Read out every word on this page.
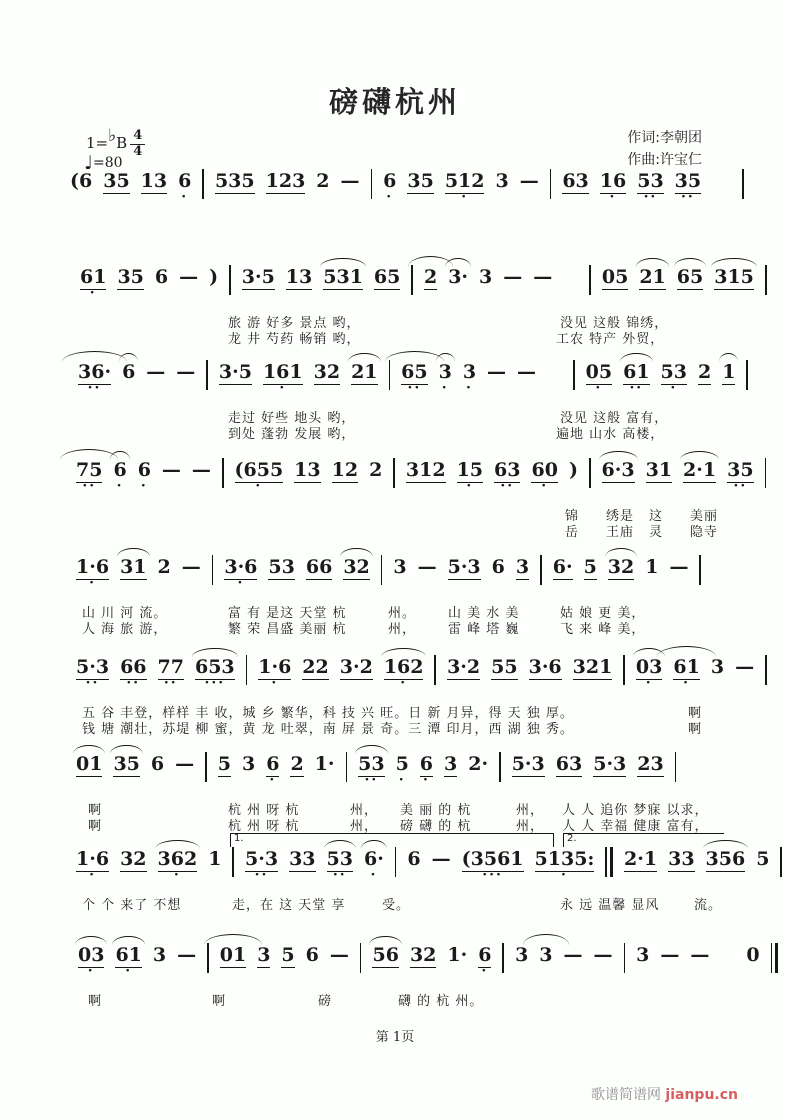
磅礴杭州
1=♭B $\frac{4}{4}$
♩=80
作词:李朝团
作曲:许宝仁
(6 35 13 6
·
535 123 2 — 6
·
35 512
·
3 — 63 16
·
53
··
35
··
61
·
35 6 — ) 3·5 13 531 65 2 3· 3 — —	05 21 65 315
旅 游 好多 景点 哟，	没见 这般 锦绣，
龙 井 芍药 畅销 哟，	工农 特产 外贸，
36·
··
6 — — 3·5 161
·
32 21 65
··
3
·
3
·
— —	05
·
61
··
53
·
2 1
走过 好些 地头 哟，	没见 这般 富有，
到处 蓬勃 发展 哟，	遍地 山水 高楼，
75
··
6
·
6
·
— — (655
·
13 12 2 312 15
·
63
··
60
·
) 6·3 31 2·1 35
··
锦 绣是 这 美丽
岳 王庙 灵 隐寺
1·6
·
31 2 — 3·6
·
53 66 32 3 — 5·3 6 3 6· 5 32 1 —
山 川 河 流。	富 有 是这 天堂 杭	州。 山 美 水 美	姑 娘 更 美，
人 海 旅 游，	繁 荣 昌盛 美丽 杭	州， 雷 峰 塔 巍	飞 来 峰 美，
5·3
··
66
··
77
··
653
···
1·6
·
22 3·2 162
·
3·2 55 3·6 321 03
·
61
·
3 —
五 谷 丰登，样样 丰 收，城 乡 繁华，科 技 兴 旺。日 新 月异，得 天 独 厚。	啊
钱 塘 潮壮，苏堤 柳 蜜，黄 龙 吐翠，南 屏 景 奇。三 潭 印月，西 湖 独 秀。	啊
01 35 6 — 5 3 6
·
2 1· 53
··
5
·
6
·
3 2· 5·3 63 5·3 23
啊	杭 州 呀 杭	州， 美 丽 的 杭	州， 人 人 追你 梦寐 以求，
啊	杭 州 呀 杭	州， 磅 礴 的 杭	州， 人 人 幸福 健康 富有，
1.	2.
1·6
·
32 362
·
1 5·3
··
33 53
··
6·
·
6 — (3561
···
5135:
·
2·1 33 356 5
个 个 来了 不想	走，在 这 天堂 享	受。	永 远 温馨 显风	流。
03
·
61
·
3 — 01 3 5 6 — 56 32 1· 6
·
3 3 — — 3 — — 0
啊	啊	磅	礴 的 杭 州。
第 1页
歌谱简谱网 jianpu.cn
